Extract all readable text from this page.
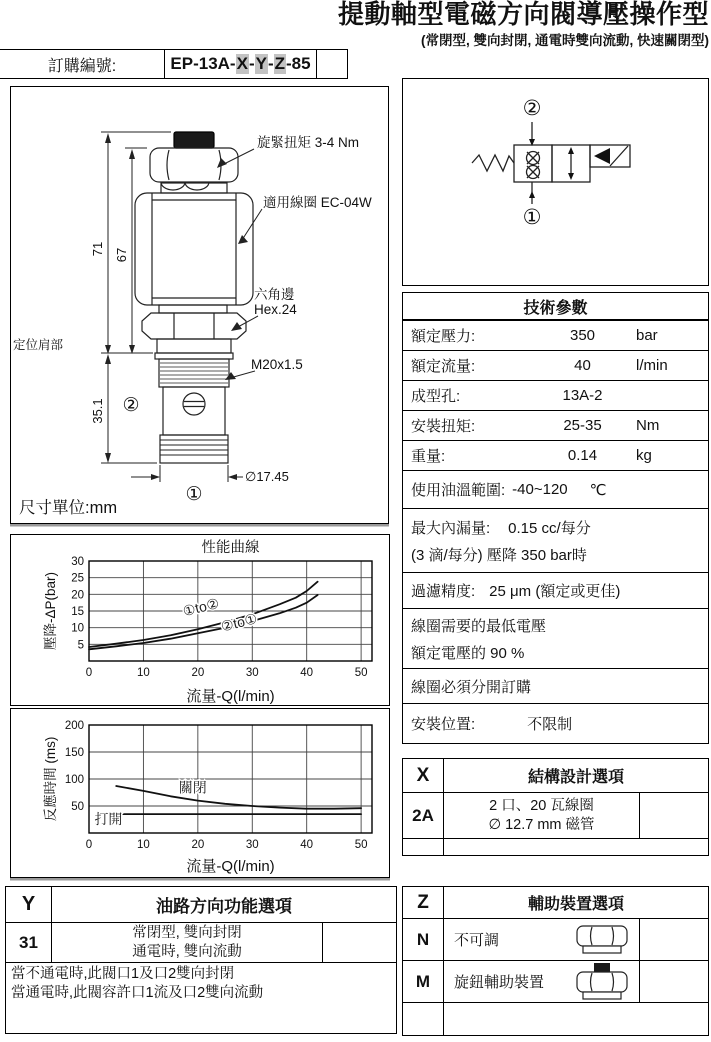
提動軸型電磁方向閥導壓操作型
(常閉型, 雙向封閉, 通電時雙向流動, 快速關閉型)
訂購編號:	EP-13A- X - Y - Z -85
旋緊扭矩 3-4 Nm
適用線圈 EC-04W
六角邊
Hex.24
M20x1.5
定位肩部
71 67
35.1
∅17.45
②
①
尺寸單位:mm
②
①
技術參數
額定壓力:	350	bar
額定流量:	40	l/min
成型孔:	13A-2
安裝扭矩:	25-35	Nm
重量:	0.14	kg
使用油溫範圍: -40~120 ℃
最大內漏量: 0.15 cc/每分
(3 滴/每分) 壓降 350 bar時
過濾精度: 25 μm (額定或更佳)
線圈需要的最低電壓
額定電壓的 90 %
線圈必須分開訂購
安裝位置:	不限制
0	10	20	30	40	50
5
10
15
20
25
30
①to②
②to①
性能曲線
流量-Q(l/min)
壓降-ΔP(bar)
0	10	20	30	40	50
50
100
150
200
關閉
打開
流量-Q(l/min)
反應時間 (ms)	X	結構設計選項
2A	2 口、20 瓦線圈
∅ 12.7 mm 磁管
Y	油路方向功能選項
31	常閉型, 雙向封閉
通電時, 雙向流動
當不通電時,此閥口1及口2雙向封閉
當通電時,此閥容許口1流及口2雙向流動
Z	輔助裝置選項
N	不可調
M	旋鈕輔助裝置
